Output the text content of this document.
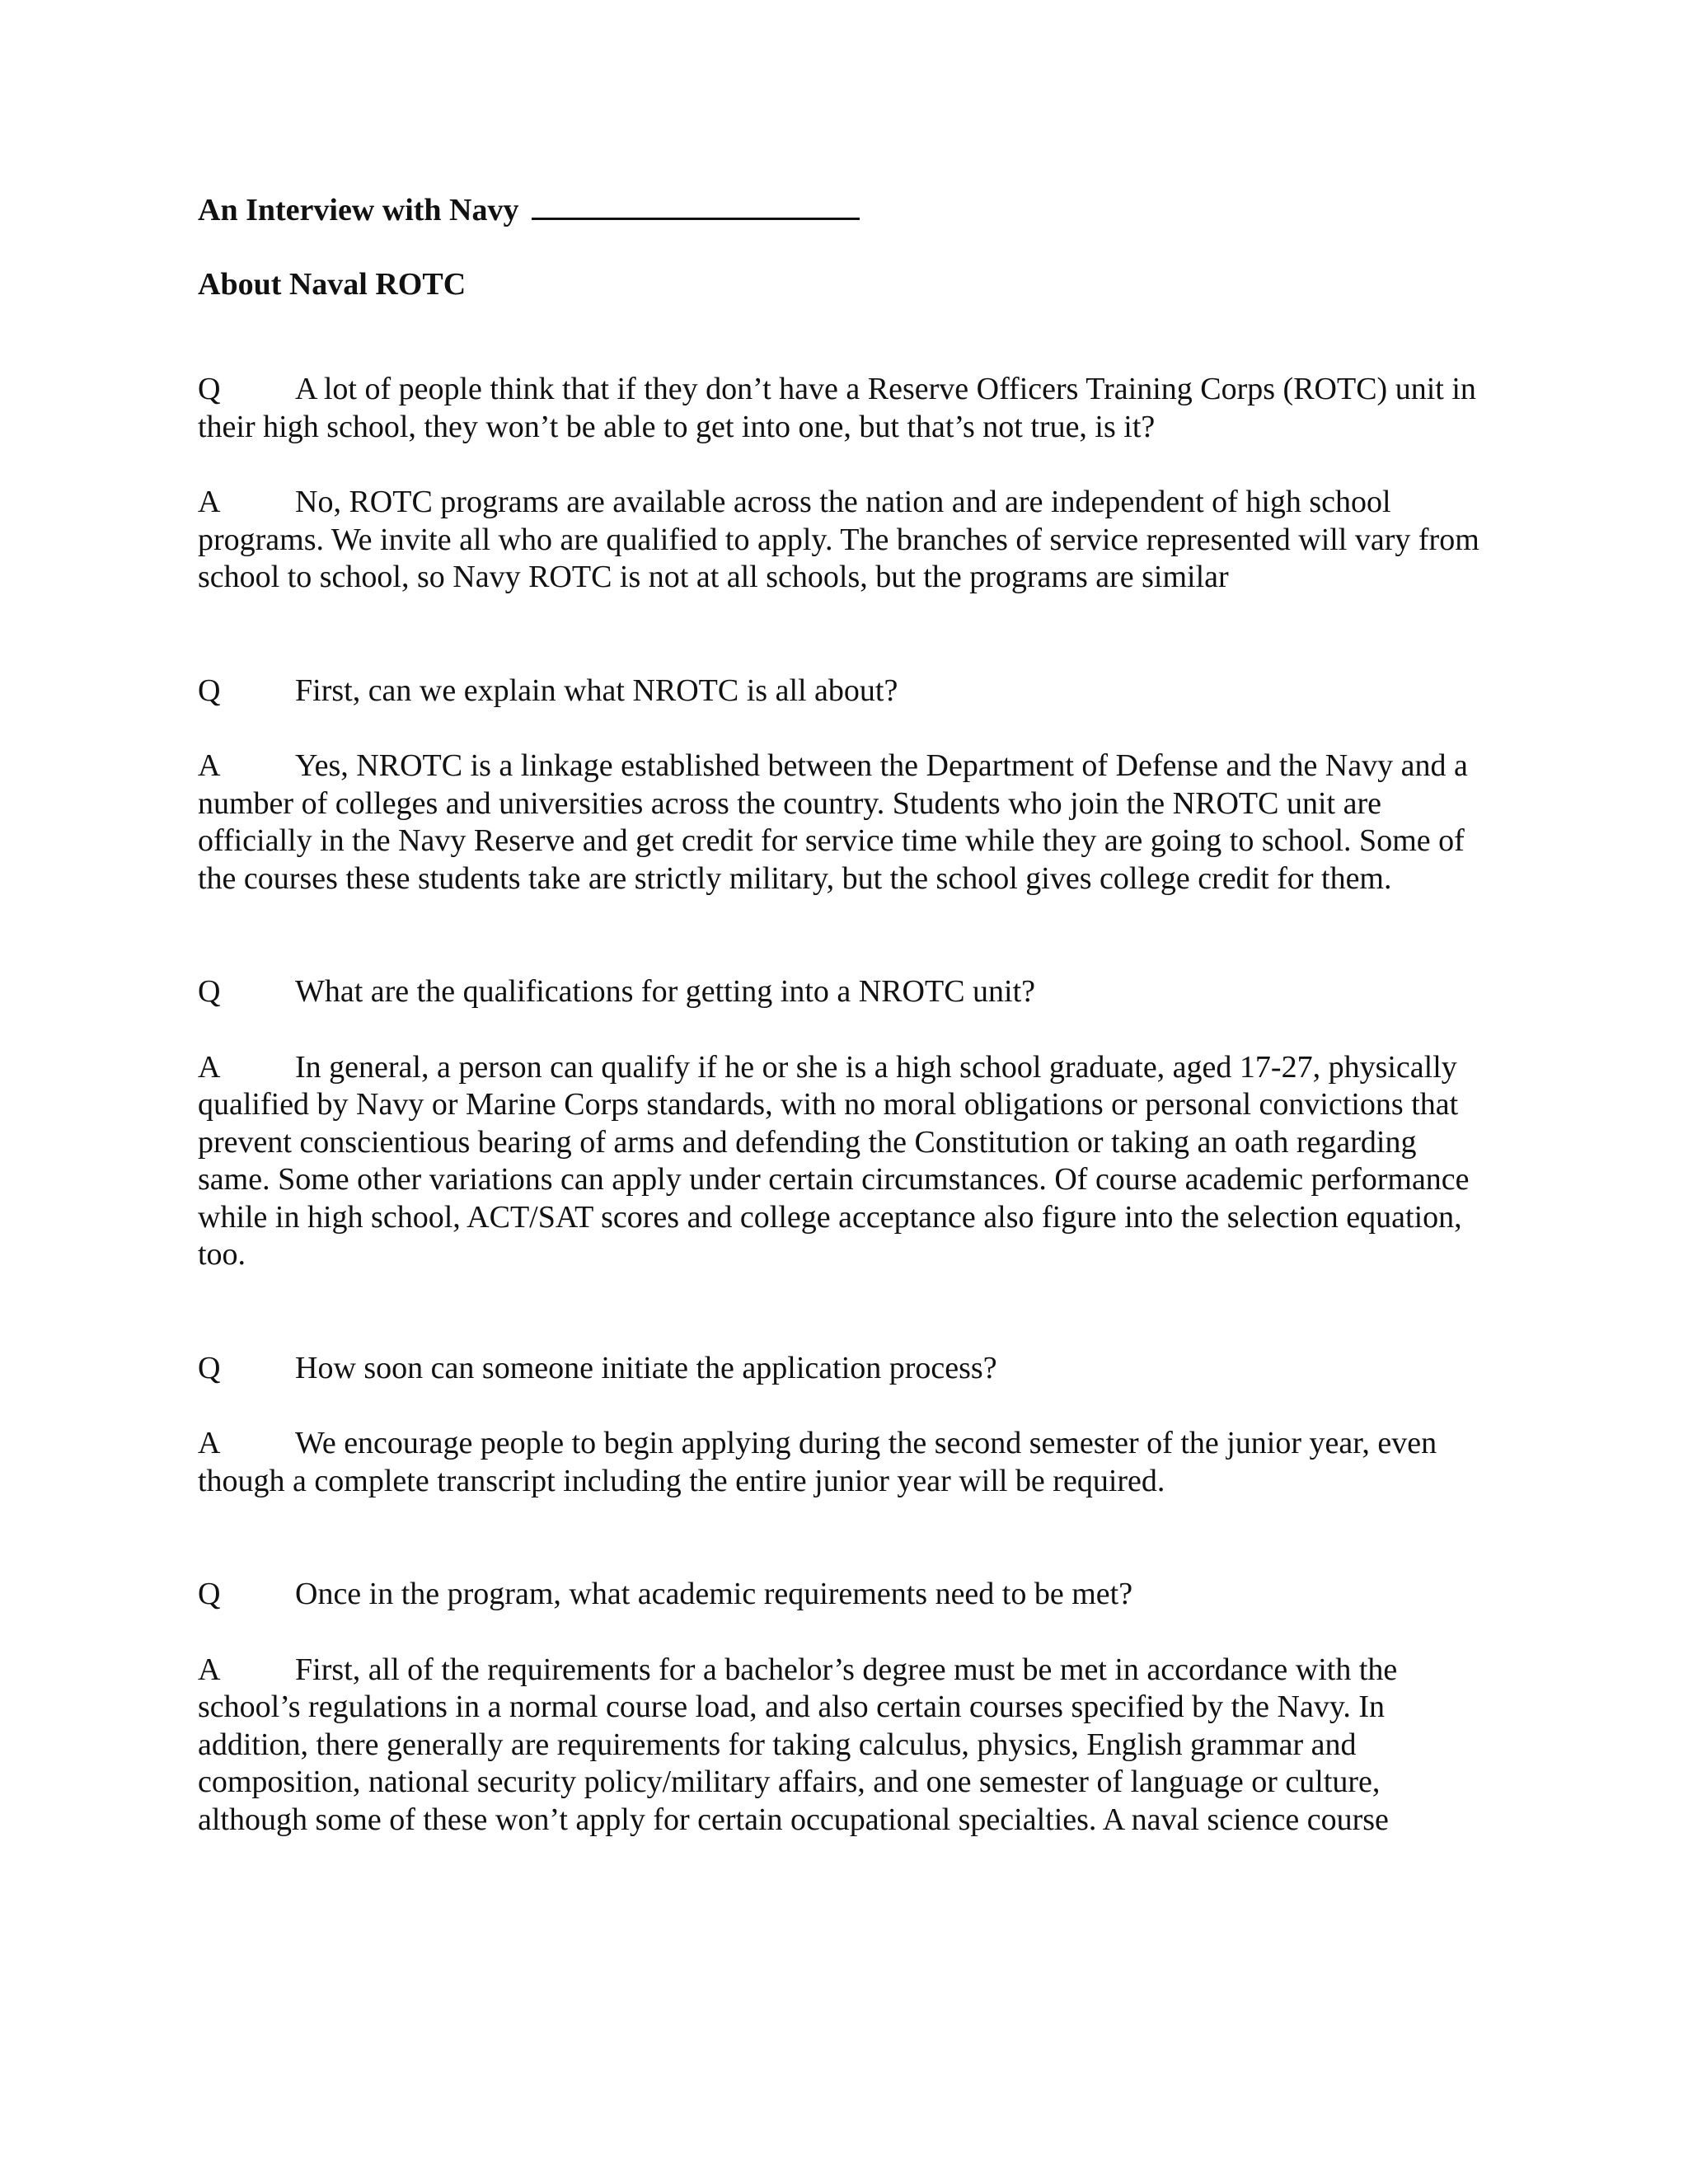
An Interview with Navy

About Naval ROTC

Q A lot of people think that if they don’t have a Reserve Officers Training Corps (ROTC) unit in their high school, they won’t be able to get into one, but that’s not true, is it?

A No, ROTC programs are available across the nation and are independent of high school programs. We invite all who are qualified to apply. The branches of service represented will vary from school to school, so Navy ROTC is not at all schools, but the programs are similar

Q First, can we explain what NROTC is all about?

A Yes, NROTC is a linkage established between the Department of Defense and the Navy and a number of colleges and universities across the country. Students who join the NROTC unit are officially in the Navy Reserve and get credit for service time while they are going to school. Some of the courses these students take are strictly military, but the school gives college credit for them.

Q What are the qualifications for getting into a NROTC unit?

A In general, a person can qualify if he or she is a high school graduate, aged 17-27, physically qualified by Navy or Marine Corps standards, with no moral obligations or personal convictions that prevent conscientious bearing of arms and defending the Constitution or taking an oath regarding same. Some other variations can apply under certain circumstances. Of course academic performance while in high school, ACT/SAT scores and college acceptance also figure into the selection equation, too.

Q How soon can someone initiate the application process?

A We encourage people to begin applying during the second semester of the junior year, even though a complete transcript including the entire junior year will be required.

Q Once in the program, what academic requirements need to be met?

A First, all of the requirements for a bachelor’s degree must be met in accordance with the school’s regulations in a normal course load, and also certain courses specified by the Navy. In addition, there generally are requirements for taking calculus, physics, English grammar and composition, national security policy/military affairs, and one semester of language or culture, although some of these won’t apply for certain occupational specialties. A naval science course
